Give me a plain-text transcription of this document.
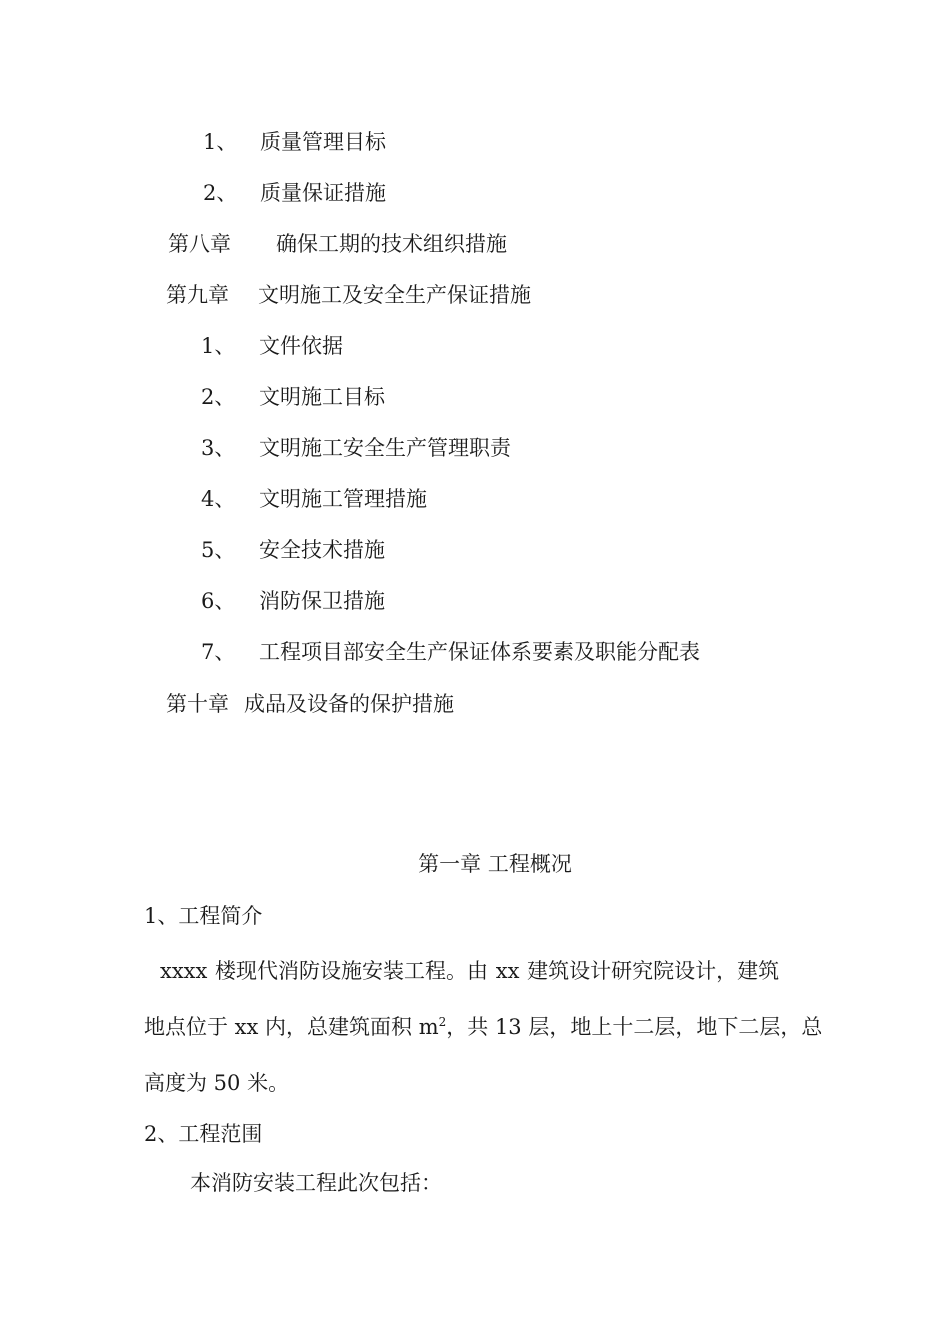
1、 质量管理目标
2、 质量保证措施
第八章 确保工期的技术组织措施
第九章 文明施工及安全生产保证措施
1、 文件依据
2、 文明施工目标
3、 文明施工安全生产管理职责
4、 文明施工管理措施
5、 安全技术措施
6、 消防保卫措施
7、 工程项目部安全生产保证体系要素及职能分配表
第十章 成品及设备的保护措施
第一章 工程概况
1、工程简介
xxxx 楼现代消防设施安装工程。由 xx 建筑设计研究院设计，建筑
地点位于 xx 内，总建筑面积 $m^2$，共 13 层，地上十二层，地下二层，总
高度为 50 米。
2、工程范围
本消防安装工程此次包括：
